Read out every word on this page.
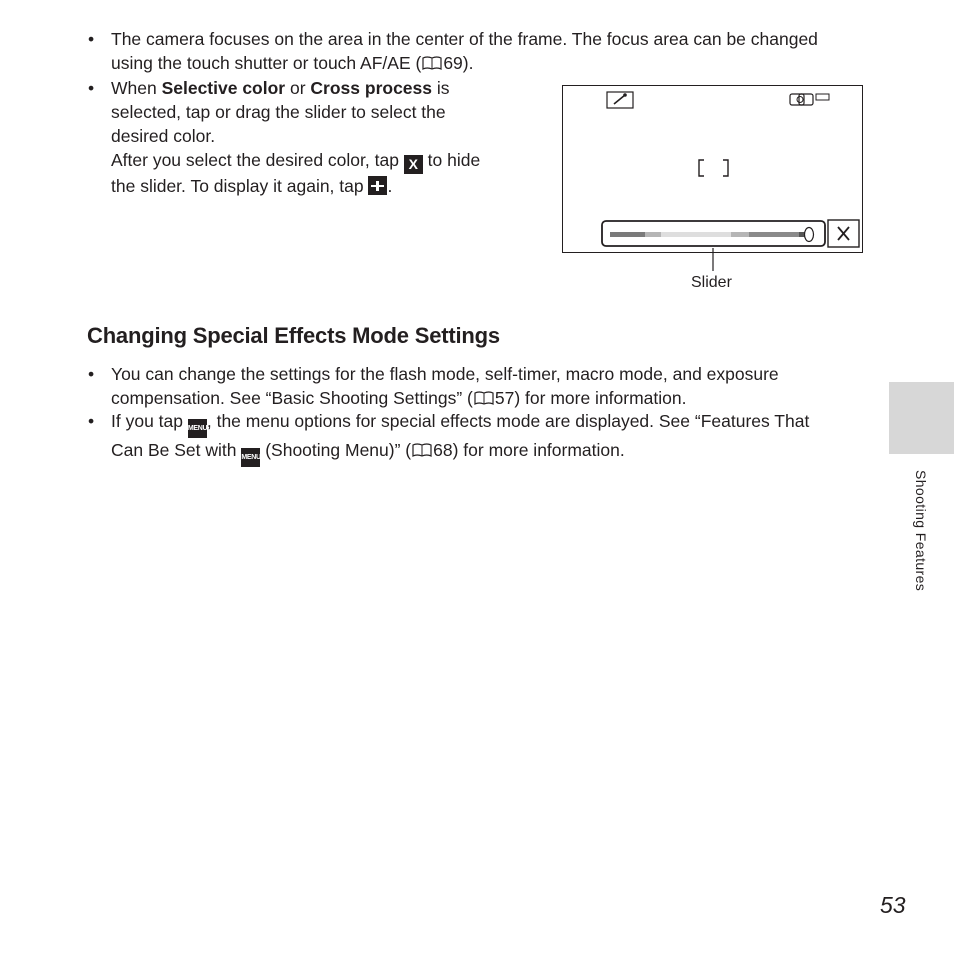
•
The camera focuses on the area in the center of the frame. The focus area can be changed
using the touch shutter or touch AF/AE ( 69).
•
When Selective color or Cross process is
selected, tap or drag the slider to select the
desired color.
After you select the desired color, tap X to hide
the slider. To display it again, tap .
Slider
Changing Special Effects Mode Settings
•
You can change the settings for the flash mode, self-timer, macro mode, and exposure
compensation. See “Basic Shooting Settings” ( 57) for more information.
•
If you tap MENU, the menu options for special effects mode are displayed. See “Features That
Can Be Set with MENU (Shooting Menu)” ( 68) for more information.
Shooting Features
53
